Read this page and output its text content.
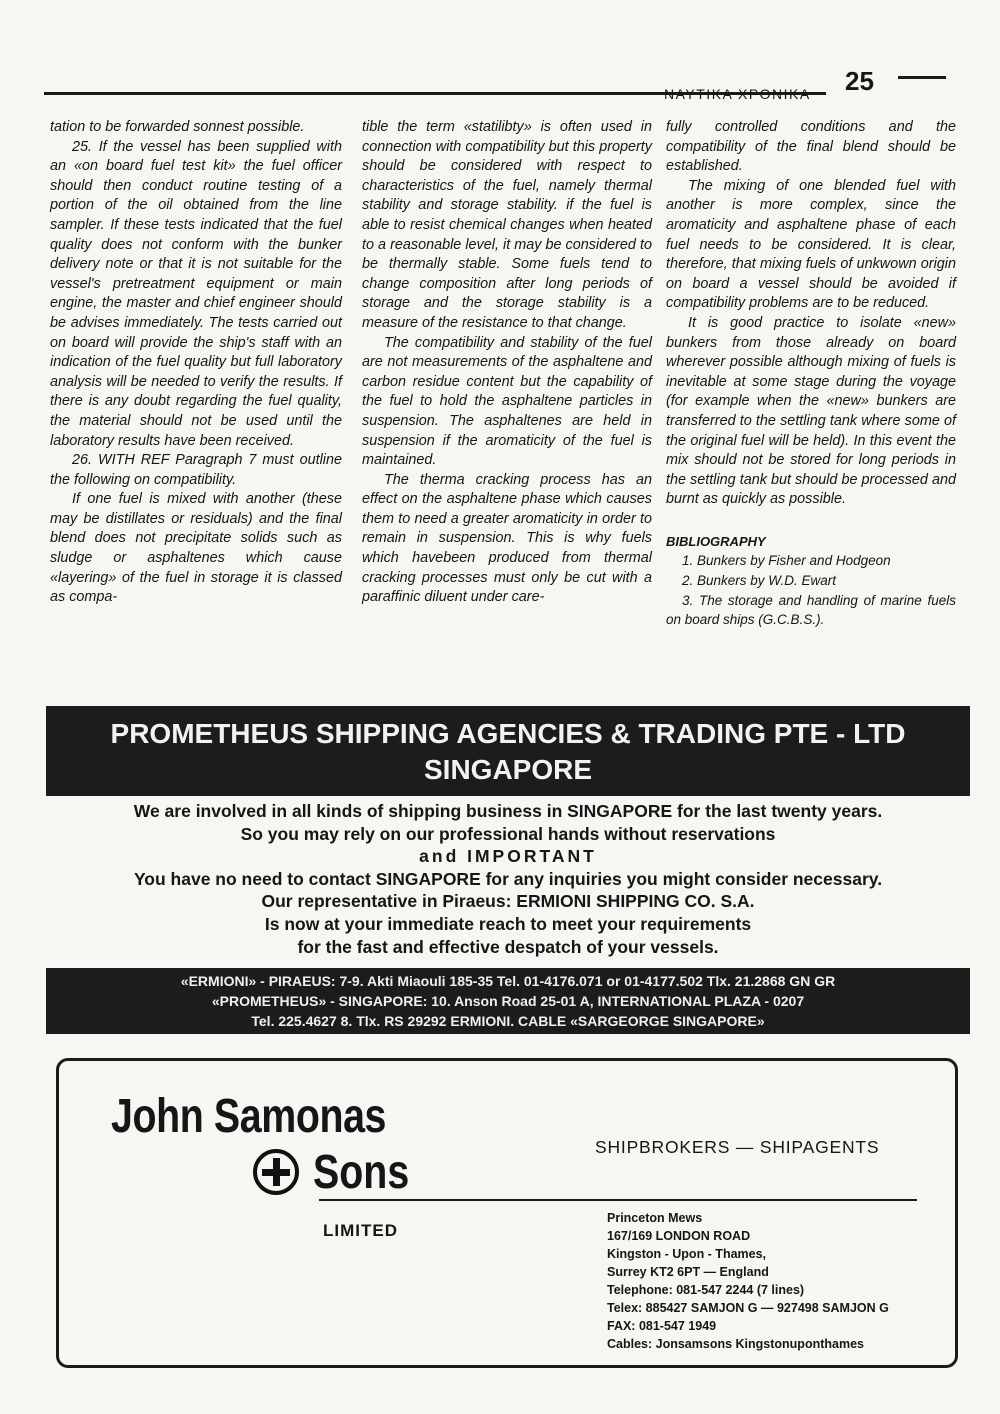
ΝΑΥΤΙΚΑ ΧΡΟΝΙΚΑ 25

tation to be forwarded sonnest possible.

25. If the vessel has been supplied with an «on board fuel test kit» the fuel officer should then conduct routine testing of a portion of the oil obtained from the line sampler. If these tests indicated that the fuel quality does not conform with the bunker delivery note or that it is not suitable for the vessel's pretreatment equipment or main engine, the master and chief engineer should be advises immediately. The tests carried out on board will provide the ship's staff with an indication of the fuel quality but full laboratory analysis will be needed to verify the results. If there is any doubt regarding the fuel quality, the material should not be used until the laboratory results have been received.

26. WITH REF Paragraph 7 must outline the following on compatibility.

If one fuel is mixed with another (these may be distillates or residuals) and the final blend does not precipitate solids such as sludge or asphaltenes which cause «layering» of the fuel in storage it is classed as compa-

tible the term «statilibty» is often used in connection with compatibility but this property should be considered with respect to characteristics of the fuel, namely thermal stability and storage stability. if the fuel is able to resist chemical changes when heated to a reasonable level, it may be considered to be thermally stable. Some fuels tend to change composition after long periods of storage and the storage stability is a measure of the resistance to that change.

The compatibility and stability of the fuel are not measurements of the asphaltene and carbon residue content but the capability of the fuel to hold the asphaltene particles in suspension. The asphaltenes are held in suspension if the aromaticity of the fuel is maintained.

The therma cracking process has an effect on the asphaltene phase which causes them to need a greater aromaticity in order to remain in suspension. This is why fuels which havebeen produced from thermal cracking processes must only be cut with a paraffinic diluent under care-

fully controlled conditions and the compatibility of the final blend should be established.

The mixing of one blended fuel with another is more complex, since the aromaticity and asphaltene phase of each fuel needs to be considered. It is clear, therefore, that mixing fuels of unkwown origin on board a vessel should be avoided if compatibility problems are to be reduced.

It is good practice to isolate «new» bunkers from those already on board wherever possible although mixing of fuels is inevitable at some stage during the voyage (for example when the «new» bunkers are transferred to the settling tank where some of the original fuel will be held). In this event the mix should not be stored for long periods in the settling tank but should be processed and burnt as quickly as possible.

BIBLIOGRAPHY

1. Bunkers by Fisher and Hodgeon

2. Bunkers by W.D. Ewart

3. The storage and handling of marine fuels on board ships (G.C.B.S.).

PROMETHEUS SHIPPING AGENCIES & TRADING PTE - LTD
SINGAPORE
We are involved in all kinds of shipping business in SINGAPORE for the last twenty years.
So you may rely on our professional hands without reservations
and IMPORTANT
You have no need to contact SINGAPORE for any inquiries you might consider necessary.
Our representative in Piraeus: ERMIONI SHIPPING CO. S.A.
Is now at your immediate reach to meet your requirements
for the fast and effective despatch of your vessels.
«ERMIONI» - PIRAEUS: 7-9. Akti Miaouli 185-35 Tel. 01-4176.071 or 01-4177.502 Tlx. 21.2868 GN GR
«PROMETHEUS» - SINGAPORE: 10. Anson Road 25-01 A, INTERNATIONAL PLAZA - 0207
Tel. 225.4627 8. Tlx. RS 29292 ERMIONI. CABLE «SARGEORGE SINGAPORE»
John Samonas
Sons	SHIPBROKERS — SHIPAGENTS
LIMITED
Princeton Mews
167/169 LONDON ROAD
Kingston - Upon - Thames,
Surrey KT2 6PT — England
Telephone: 081-547 2244 (7 lines)
Telex: 885427 SAMJON G — 927498 SAMJON G
FAX: 081-547 1949
Cables: Jonsamsons Kingstonuponthames
